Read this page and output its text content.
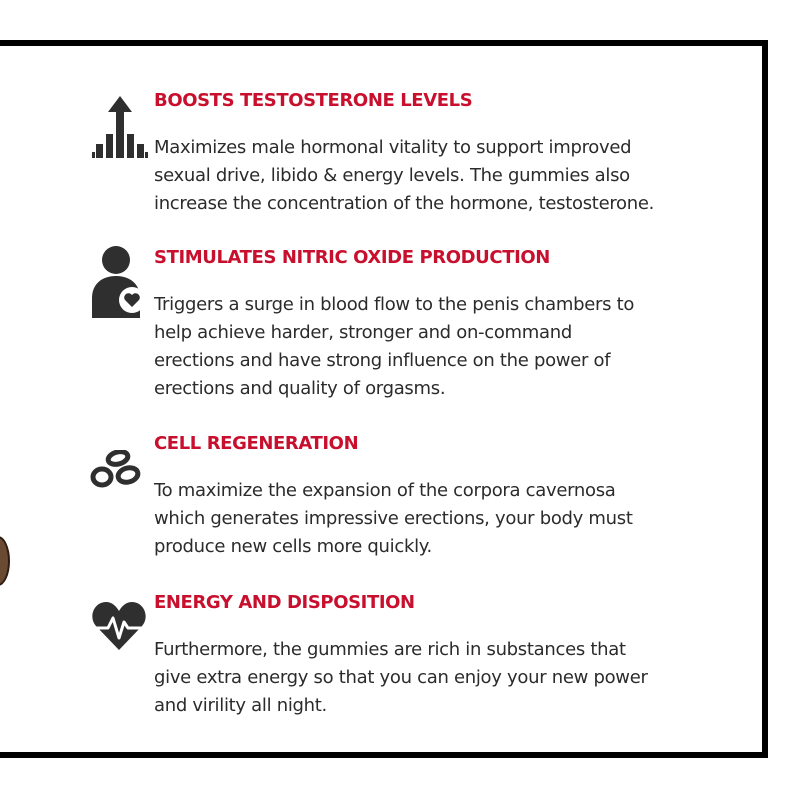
BOOSTS TESTOSTERONE LEVELS

Maximizes male hormonal vitality to support improved
sexual drive, libido & energy levels. The gummies also
increase the concentration of the hormone, testosterone.

STIMULATES NITRIC OXIDE PRODUCTION

Triggers a surge in blood flow to the penis chambers to
help achieve harder, stronger and on-command
erections and have strong influence on the power of
erections and quality of orgasms.

CELL REGENERATION

To maximize the expansion of the corpora cavernosa
which generates impressive erections, your body must
produce new cells more quickly.

ENERGY AND DISPOSITION

Furthermore, the gummies are rich in substances that
give extra energy so that you can enjoy your new power
and virility all night.
